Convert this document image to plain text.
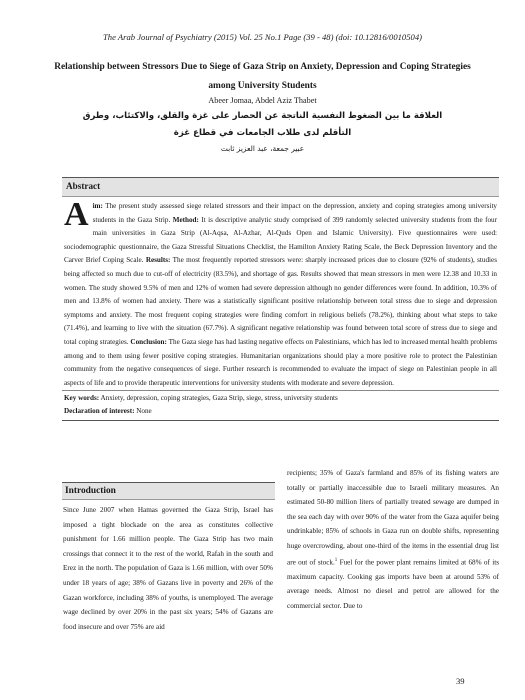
The Arab Journal of Psychiatry (2015) Vol. 25 No.1 Page (39 - 48) (doi: 10.12816/0010504)
Relationship between Stressors Due to Siege of Gaza Strip on Anxiety, Depression and Coping Strategies among University Students
Abeer Jomaa, Abdel Aziz Thabet
العلاقة ما بين الضغوط النفسية الناتجة عن الحصار على غزة والقلق، والاكتئاب، وطرق التأقلم لدى طلاب الجامعات في قطاع غزة
عبير جمعة، عبد العزيز ثابت
Abstract

Aim: The present study assessed siege related stressors and their impact on the depression, anxiety and coping strategies among university students in the Gaza Strip. Method: It is descriptive analytic study comprised of 399 randomly selected university students from the four main universities in Gaza Strip (Al-Aqsa, Al-Azhar, Al-Quds Open and Islamic University). Five questionnaires were used: sociodemographic questionnaire, the Gaza Stressful Situations Checklist, the Hamilton Anxiety Rating Scale, the Beck Depression Inventory and the Carver Brief Coping Scale. Results: The most frequently reported stressors were: sharply increased prices due to closure (92% of students), studies being affected so much due to cut-off of electricity (83.5%), and shortage of gas. Results showed that mean stressors in men were 12.38 and 10.33 in women. The study showed 9.5% of men and 12% of women had severe depression although no gender differences were found. In addition, 10.3% of men and 13.8% of women had anxiety. There was a statistically significant positive relationship between total stress due to siege and depression symptoms and anxiety. The most frequent coping strategies were finding comfort in religious beliefs (78.2%), thinking about what steps to take (71.4%), and learning to live with the situation (67.7%). A significant negative relationship was found between total score of stress due to siege and total coping strategies. Conclusion: The Gaza siege has had lasting negative effects on Palestinians, which has led to increased mental health problems among and to them using fewer positive coping strategies. Humanitarian organizations should play a more positive role to protect the Palestinian community from the negative consequences of siege. Further research is recommended to evaluate the impact of siege on Palestinian people in all aspects of life and to provide therapeutic interventions for university students with moderate and severe depression.

Key words: Anxiety, depression, coping strategies, Gaza Strip, siege, stress, university students

Declaration of interest: None

Introduction

Since June 2007 when Hamas governed the Gaza Strip, Israel has imposed a tight blockade on the area as constitutes collective punishment for 1.66 million people. The Gaza Strip has two main crossings that connect it to the rest of the world, Rafah in the south and Erez in the north. The population of Gaza is 1.66 million, with over 50% under 18 years of age; 38% of Gazans live in poverty and 26% of the Gazan workforce, including 38% of youths, is unemployed. The average wage declined by over 20% in the past six years; 54% of Gazans are food insecure and over 75% are aid

recipients; 35% of Gaza's farmland and 85% of its fishing waters are totally or partially inaccessible due to Israeli military measures. An estimated 50-80 million liters of partially treated sewage are dumped in the sea each day with over 90% of the water from the Gaza aquifer being undrinkable; 85% of schools in Gaza run on double shifts, representing huge overcrowding, about one-third of the items in the essential drug list are out of stock.$^1$ Fuel for the power plant remains limited at 68% of its maximum capacity. Cooking gas imports have been at around 53% of average needs. Almost no diesel and petrol are allowed for the commercial sector. Due to

39
